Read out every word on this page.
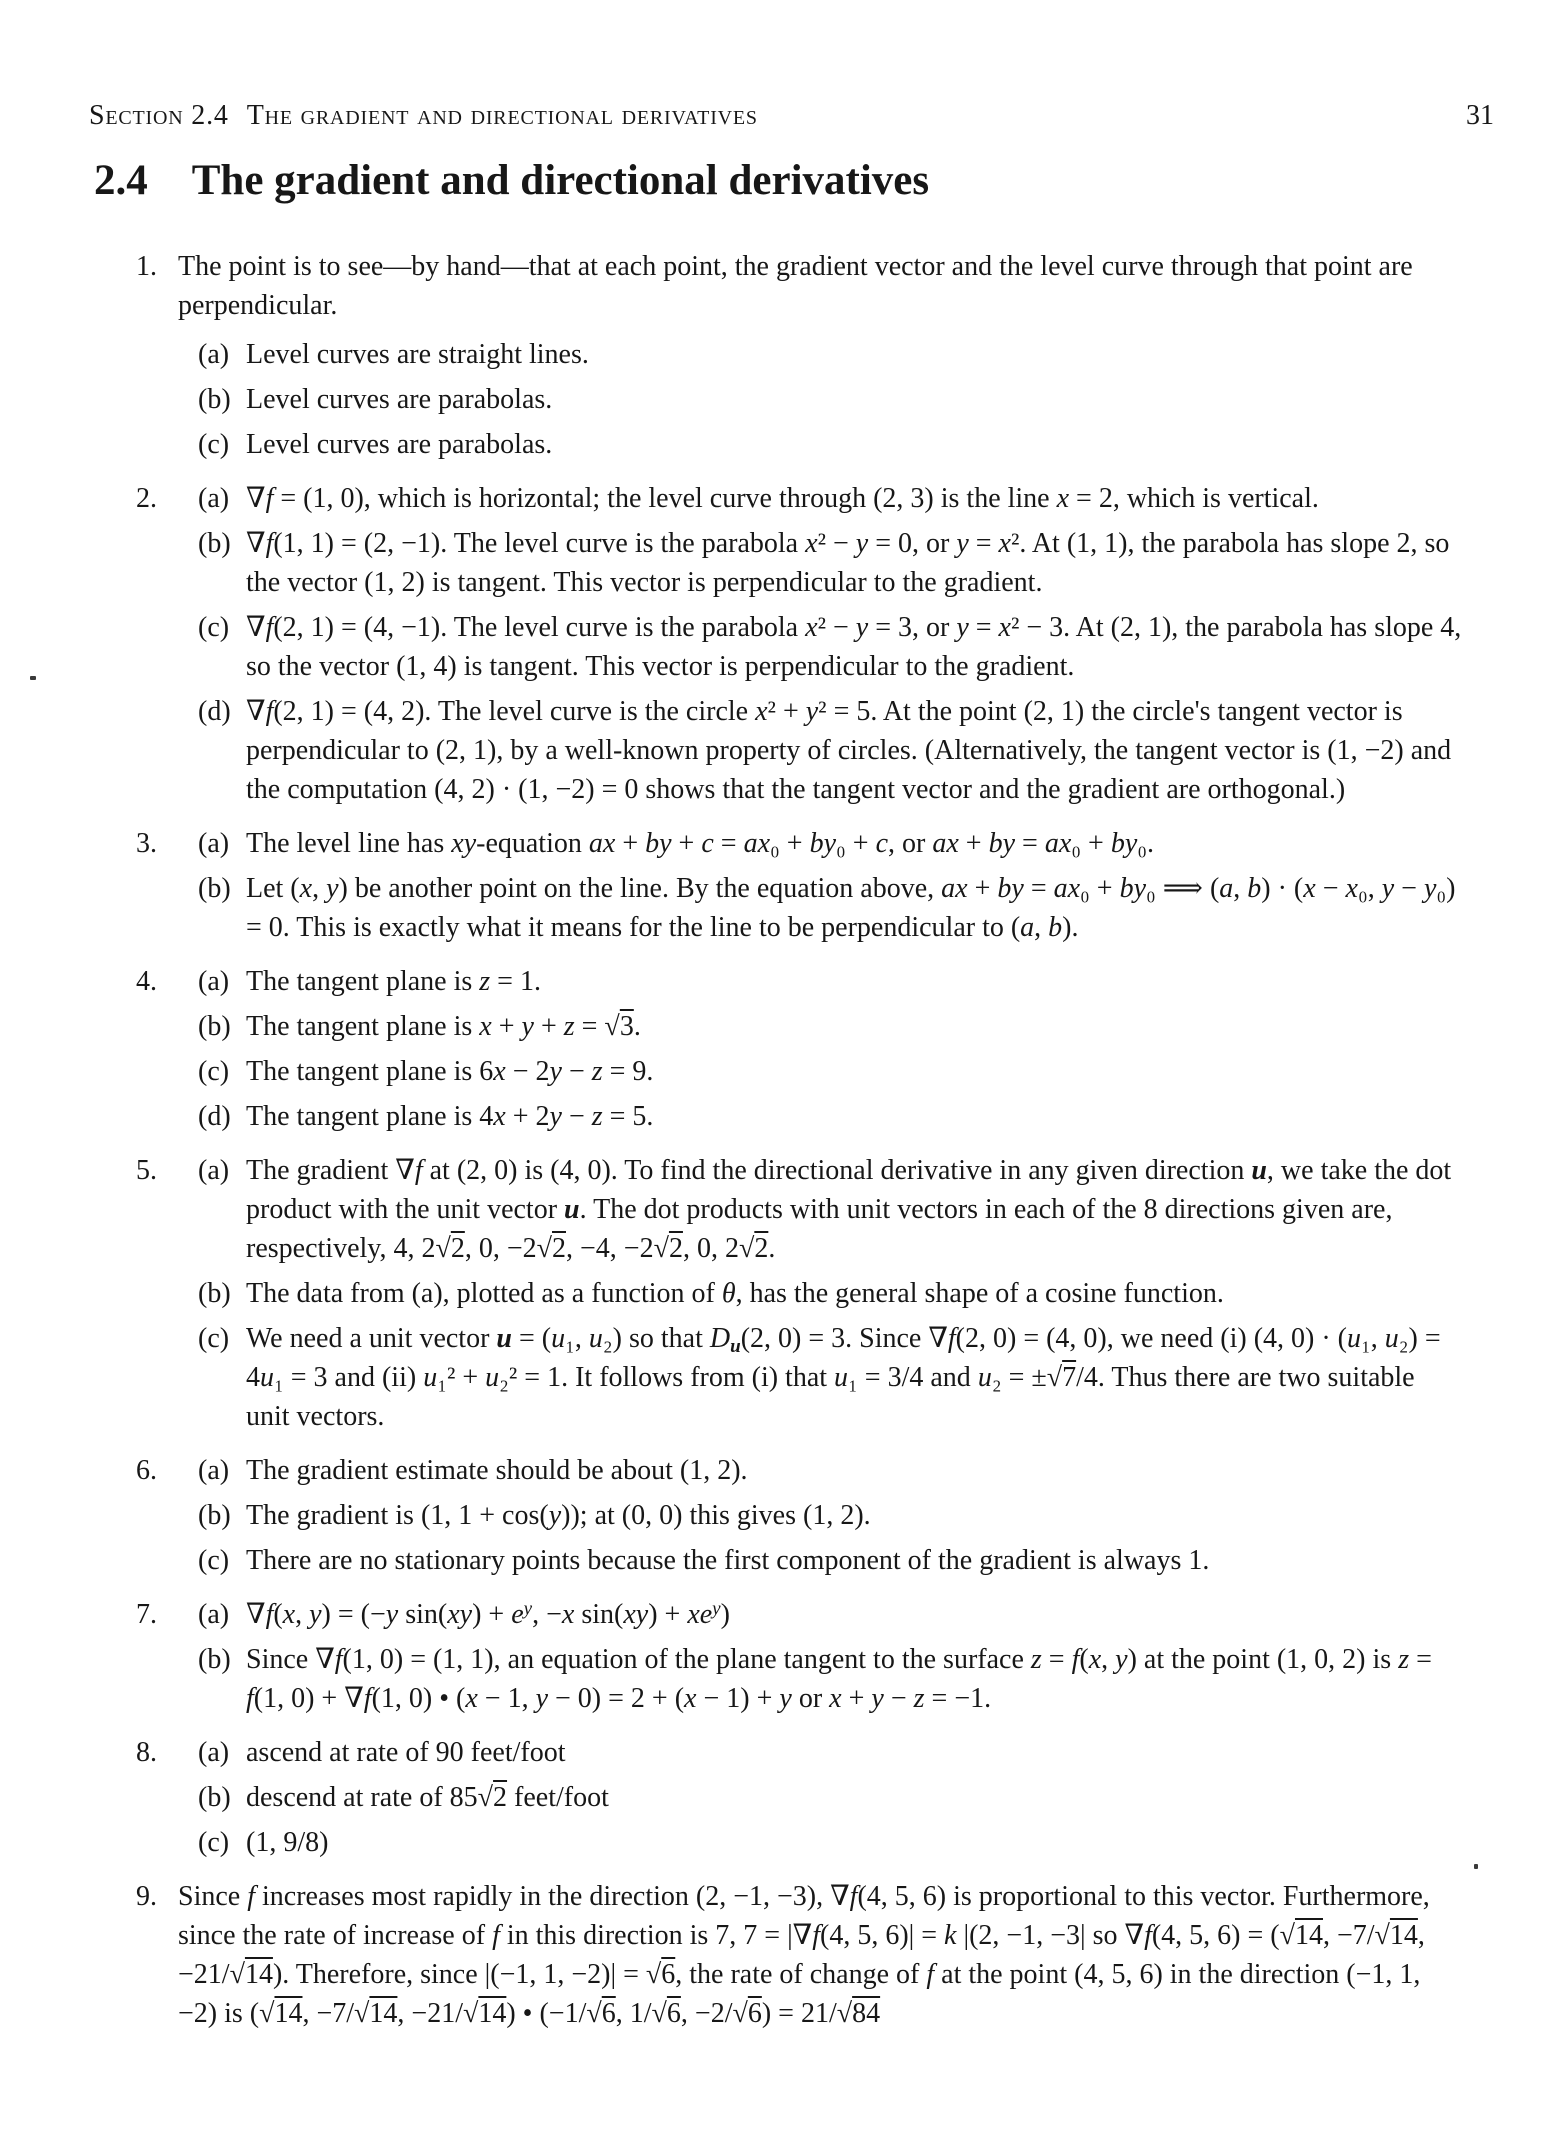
Section 2.4 The gradient and directional derivatives	31
2.4 The gradient and directional derivatives
1. The point is to see—by hand—that at each point, the gradient vector and the level curve through that point are perpendicular.

(a) Level curves are straight lines.
(b) Level curves are parabolas.
(c) Level curves are parabolas.
2.	(a) ∇f = (1, 0), which is horizontal; the level curve through (2, 3) is the line x = 2, which is vertical.
(b) ∇f(1, 1) = (2, −1). The level curve is the parabola x² − y = 0, or y = x². At (1, 1), the parabola has slope 2, so the vector (1, 2) is tangent. This vector is perpendicular to the gradient.
(c) ∇f(2, 1) = (4, −1). The level curve is the parabola x² − y = 3, or y = x² − 3. At (2, 1), the parabola has slope 4, so the vector (1, 4) is tangent. This vector is perpendicular to the gradient.
(d) ∇f(2, 1) = (4, 2). The level curve is the circle x² + y² = 5. At the point (2, 1) the circle's tangent vector is perpendicular to (2, 1), by a well-known property of circles. (Alternatively, the tangent vector is (1, −2) and the computation (4, 2) · (1, −2) = 0 shows that the tangent vector and the gradient are orthogonal.)
3.	(a) The level line has xy-equation ax + by + c = ax₀ + by₀ + c, or ax + by = ax₀ + by₀.
(b) Let (x, y) be another point on the line. By the equation above, ax + by = ax₀ + by₀ ⟹ (a, b) · (x − x₀, y − y₀) = 0. This is exactly what it means for the line to be perpendicular to (a, b).
4.	(a) The tangent plane is z = 1.
(b) The tangent plane is x + y + z = √3.
(c) The tangent plane is 6x − 2y − z = 9.
(d) The tangent plane is 4x + 2y − z = 5.
5.	(a) The gradient ∇f at (2, 0) is (4, 0). To find the directional derivative in any given direction u, we take the dot product with the unit vector u. The dot products with unit vectors in each of the 8 directions given are, respectively, 4, 2√2, 0, −2√2, −4, −2√2, 0, 2√2.
(b) The data from (a), plotted as a function of θ, has the general shape of a cosine function.
(c) We need a unit vector u = (u₁, u₂) so that $D_u(2$, 0) = 3. Since ∇f(2, 0) = (4, 0), we need (i) (4, 0) · (u₁, u₂) = 4u₁ = 3 and (ii) u₁² + u₂² = 1. It follows from (i) that u₁ = 3/4 and u₂ = ±√7/4. Thus there are two suitable unit vectors.
6.	(a) The gradient estimate should be about (1, 2).
(b) The gradient is (1, 1 + cos(y)); at (0, 0) this gives (1, 2).
(c) There are no stationary points because the first component of the gradient is always 1.
7.	(a) ∇f(x, y) = (−y $\sin(xy) + e^y$, −x $\sin(xy) + xe^y$)
(b) Since ∇f(1, 0) = (1, 1), an equation of the plane tangent to the surface z = f(x, y) at the point (1, 0, 2) is z = f(1, 0) + ∇f(1, 0) • (x − 1, y − 0) = 2 + (x − 1) + y or x + y − z = −1.
8.	(a) ascend at rate of 90 feet/foot
(b) descend at rate of 85√2 feet/foot
(c) (1, 9/8)
9. Since f increases most rapidly in the direction (2, −1, −3), ∇f(4, 5, 6) is proportional to this vector. Furthermore, since the rate of increase of f in this direction is 7, 7 = |∇f(4, 5, 6)| = k |(2, −1, −3| so ∇f(4, 5, 6) = (√14, −7/√14, −21/√14). Therefore, since |(−1, 1, −2)| = √6, the rate of change of f at the point (4, 5, 6) in the direction (−1, 1, −2) is (√14, −7/√14, −21/√14) • (−1/√6, 1/√6, −2/√6) = 21/√84
